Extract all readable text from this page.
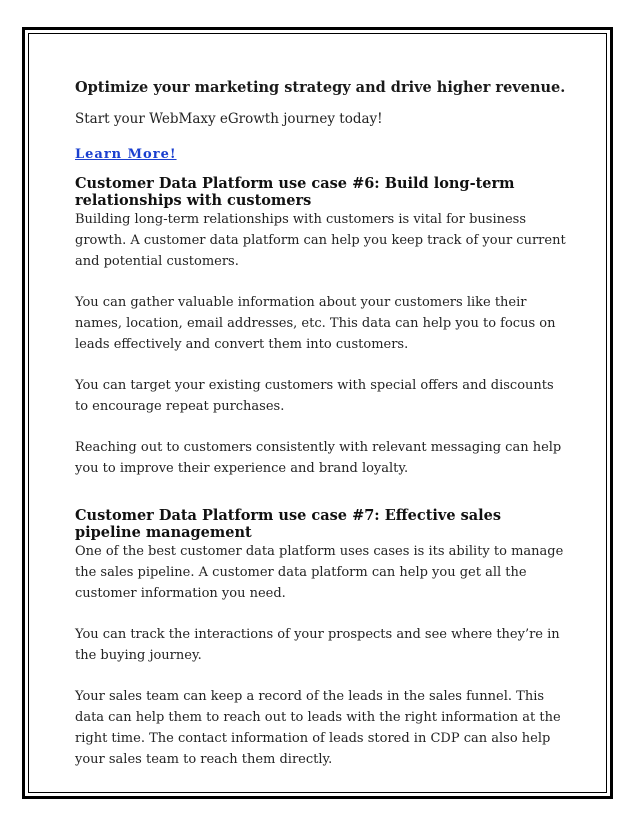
Optimize your marketing strategy and drive higher revenue.

Start your WebMaxy eGrowth journey today!

Learn More!
Customer Data Platform use case #6: Build long-term relationships with customers

Building long-term relationships with customers is vital for business growth. A customer data platform can help you keep track of your current and potential customers.

You can gather valuable information about your customers like their names, location, email addresses, etc. This data can help you to focus on leads effectively and convert them into customers.

You can target your existing customers with special offers and discounts to encourage repeat purchases.

Reaching out to customers consistently with relevant messaging can help you to improve their experience and brand loyalty.

Customer Data Platform use case #7: Effective sales pipeline management

One of the best customer data platform uses cases is its ability to manage the sales pipeline. A customer data platform can help you get all the customer information you need.

You can track the interactions of your prospects and see where they’re in the buying journey.

Your sales team can keep a record of the leads in the sales funnel. This data can help them to reach out to leads with the right information at the right time. The contact information of leads stored in CDP can also help your sales team to reach them directly.
